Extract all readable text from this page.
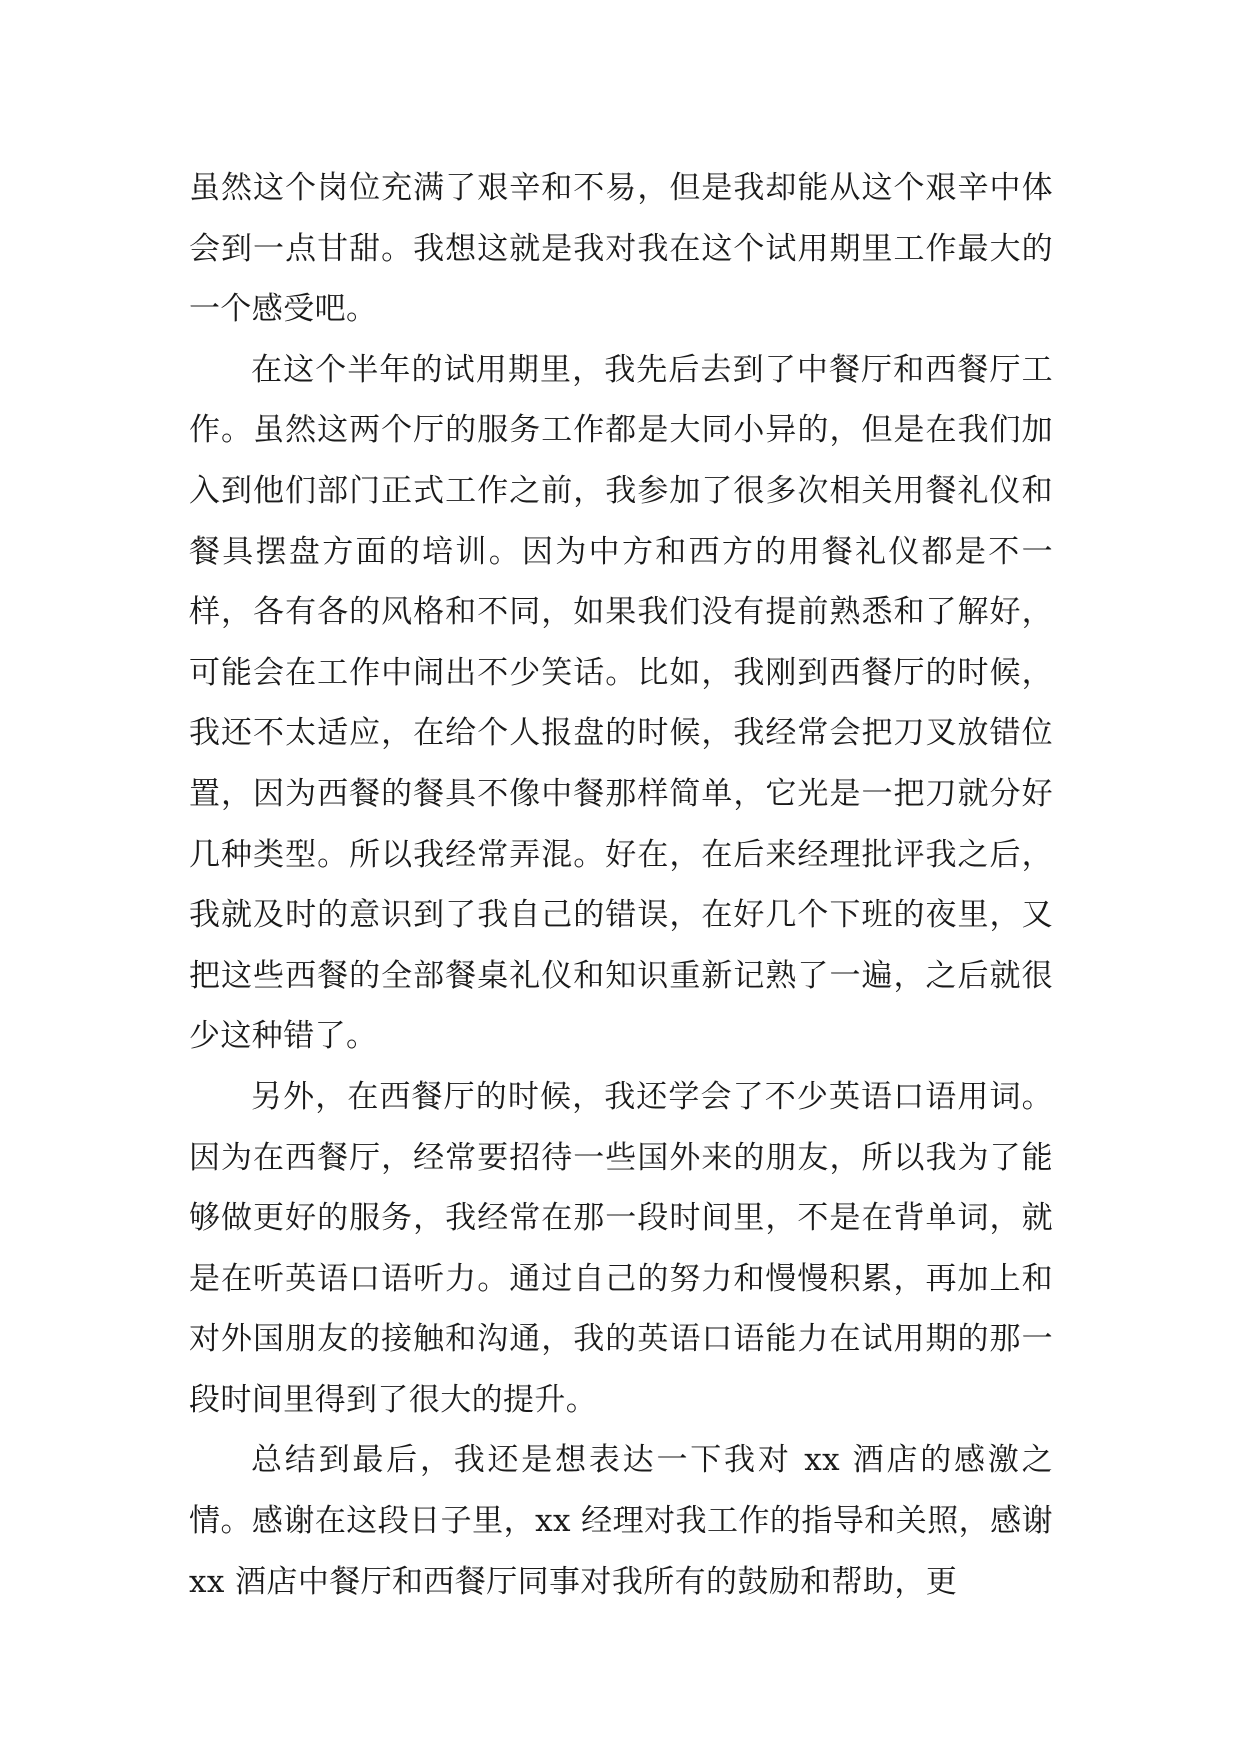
虽然这个岗位充满了艰辛和不易，但是我却能从这个艰辛中体会到一点甘甜。我想这就是我对我在这个试用期里工作最大的一个感受吧。

在这个半年的试用期里，我先后去到了中餐厅和西餐厅工作。虽然这两个厅的服务工作都是大同小异的，但是在我们加入到他们部门正式工作之前，我参加了很多次相关用餐礼仪和餐具摆盘方面的培训。因为中方和西方的用餐礼仪都是不一样，各有各的风格和不同，如果我们没有提前熟悉和了解好，可能会在工作中闹出不少笑话。比如，我刚到西餐厅的时候，我还不太适应，在给个人报盘的时候，我经常会把刀叉放错位置，因为西餐的餐具不像中餐那样简单，它光是一把刀就分好几种类型。所以我经常弄混。好在，在后来经理批评我之后，我就及时的意识到了我自己的错误，在好几个下班的夜里，又把这些西餐的全部餐桌礼仪和知识重新记熟了一遍，之后就很少这种错了。

另外，在西餐厅的时候，我还学会了不少英语口语用词。因为在西餐厅，经常要招待一些国外来的朋友，所以我为了能够做更好的服务，我经常在那一段时间里，不是在背单词，就是在听英语口语听力。通过自己的努力和慢慢积累，再加上和对外国朋友的接触和沟通，我的英语口语能力在试用期的那一段时间里得到了很大的提升。

总结到最后，我还是想表达一下我对 xx 酒店的感激之情。感谢在这段日子里，xx 经理对我工作的指导和关照，感谢 xx 酒店中餐厅和西餐厅同事对我所有的鼓励和帮助，更
